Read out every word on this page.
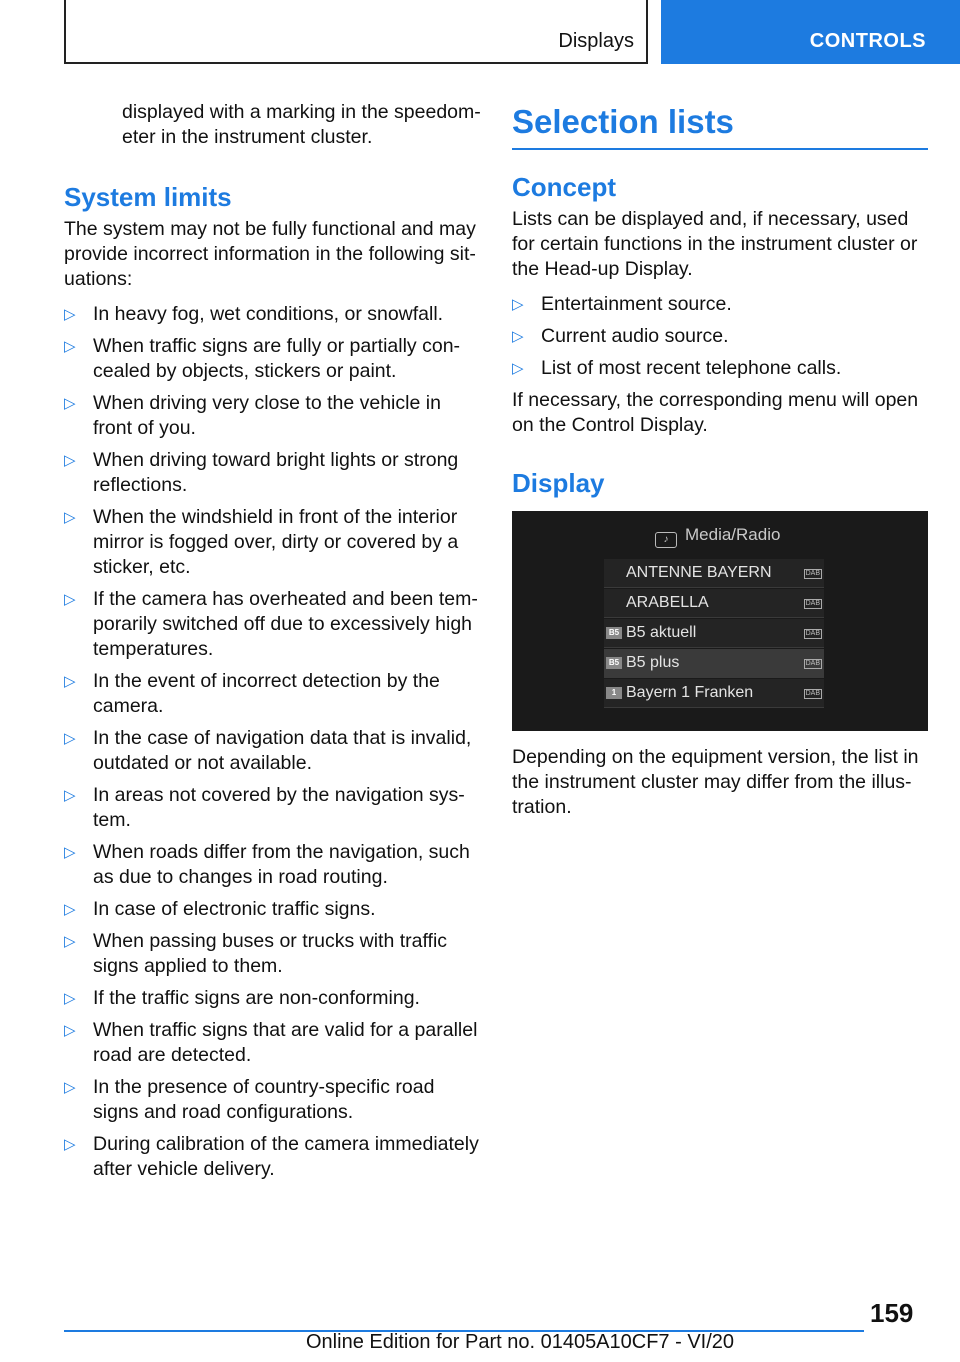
Displays	CONTROLS

displayed with a marking in the speedom‐
eter in the instrument cluster.

System limits

The system may not be fully functional and may provide incorrect information in the following sit‐ uations:

▷ In heavy fog, wet conditions, or snowfall.
▷ When traffic signs are fully or partially con‐ cealed by objects, stickers or paint.
▷ When driving very close to the vehicle in front of you.
▷ When driving toward bright lights or strong reflections.
▷ When the windshield in front of the interior mirror is fogged over, dirty or covered by a sticker, etc.
▷ If the camera has overheated and been tem‐ porarily switched off due to excessively high temperatures.
▷ In the event of incorrect detection by the camera.
▷ In the case of navigation data that is invalid, outdated or not available.
▷ In areas not covered by the navigation sys‐ tem.
▷ When roads differ from the navigation, such as due to changes in road routing.
▷ In case of electronic traffic signs.
▷ When passing buses or trucks with traffic signs applied to them.
▷ If the traffic signs are non-conforming.
▷ When traffic signs that are valid for a parallel road are detected.
▷ In the presence of country-specific road signs and road configurations.
▷ During calibration of the camera immediately after vehicle delivery.
Selection lists
Concept

Lists can be displayed and, if necessary, used for certain functions in the instrument cluster or the Head-up Display.

▷ Entertainment source.
▷ Current audio source.
▷ List of most recent telephone calls.

If necessary, the corresponding menu will open on the Control Display.

Display
♪ Media/Radio
ANTENNE BAYERN	DAB
ARABELLA	DAB
B5 B5 aktuell	DAB
B5 B5 plus	DAB
1 Bayern 1 Franken	DAB

Depending on the equipment version, the list in the instrument cluster may differ from the illus‐ tration.

159
Online Edition for Part no. 01405A10CF7 - VI/20
